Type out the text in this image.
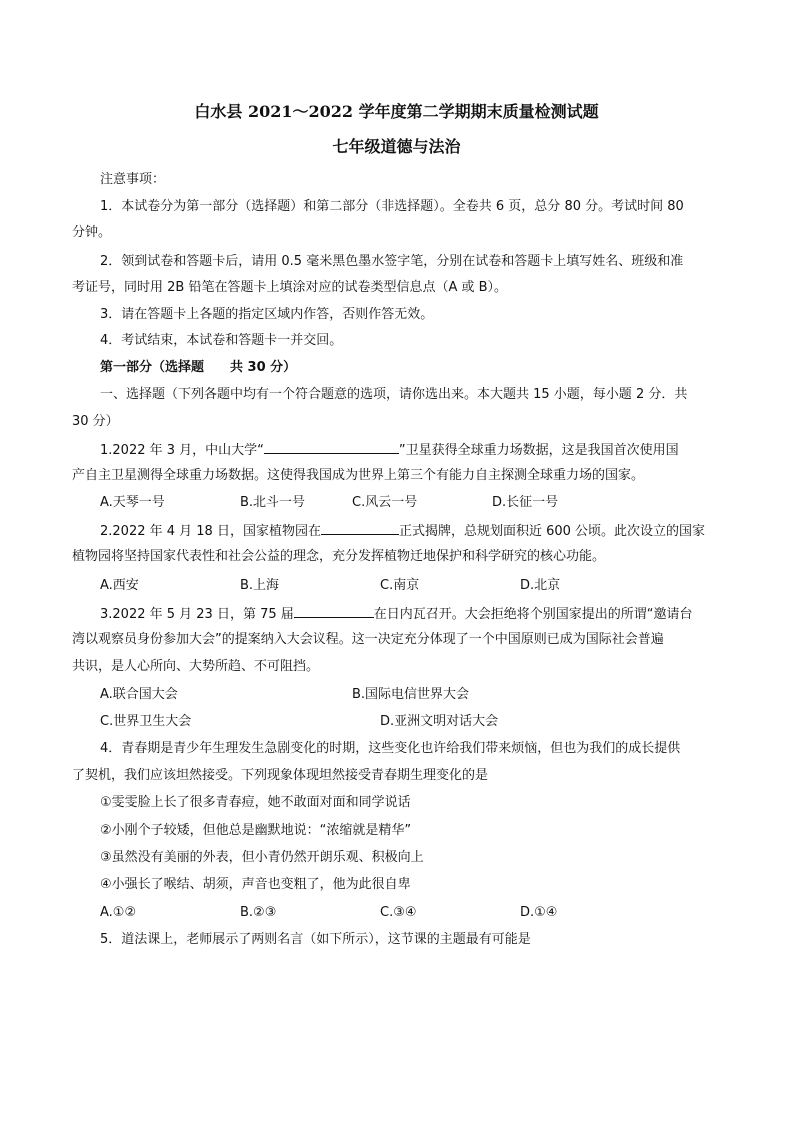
白水县 2021～2022 学年度第二学期期末质量检测试题
七年级道德与法治
注意事项：
1．本试卷分为第一部分（选择题）和第二部分（非选择题）。全卷共 6 页，总分 80 分。考试时间 80
分钟。
2．领到试卷和答题卡后，请用 0.5 毫米黑色墨水签字笔，分别在试卷和答题卡上填写姓名、班级和准
考证号，同时用 2B 铅笔在答题卡上填涂对应的试卷类型信息点（A 或 B）。
3．请在答题卡上各题的指定区域内作答，否则作答无效。
4．考试结束，本试卷和答题卡一并交回。
第一部分（选择题　　共 30 分）
一、选择题（下列各题中均有一个符合题意的选项，请你选出来。本大题共 15 小题，每小题 2 分．共
30 分）
1.2022 年 3 月，中山大学“	”卫星获得全球重力场数据，这是我国首次使用国
产自主卫星测得全球重力场数据。这使得我国成为世界上第三个有能力自主探测全球重力场的国家。
A.天琴一号	B.北斗一号	C.风云一号	D.长征一号
2.2022 年 4 月 18 日，国家植物园在	正式揭牌，总规划面积近 600 公顷。此次设立的国家
植物园将坚持国家代表性和社会公益的理念，充分发挥植物迁地保护和科学研究的核心功能。
A.西安	B.上海	C.南京	D.北京
3.2022 年 5 月 23 日，第 75 届	在日内瓦召开。大会拒绝将个别国家提出的所谓“邀请台
湾以观察员身份参加大会”的提案纳入大会议程。这一决定充分体现了一个中国原则已成为国际社会普遍
共识，是人心所向、大势所趋、不可阻挡。
A.联合国大会	B.国际电信世界大会
C.世界卫生大会	D.亚洲文明对话大会
4．青春期是青少年生理发生急剧变化的时期，这些变化也许给我们带来烦恼，但也为我们的成长提供
了契机，我们应该坦然接受。下列现象体现坦然接受青春期生理变化的是
①雯雯脸上长了很多青春痘，她不敢面对面和同学说话
②小刚个子较矮，但他总是幽默地说：“浓缩就是精华”
③虽然没有美丽的外表，但小青仍然开朗乐观、积极向上
④小强长了喉结、胡须，声音也变粗了，他为此很自卑
A.①②	B.②③	C.③④	D.①④
5．道法课上，老师展示了两则名言（如下所示），这节课的主题最有可能是
